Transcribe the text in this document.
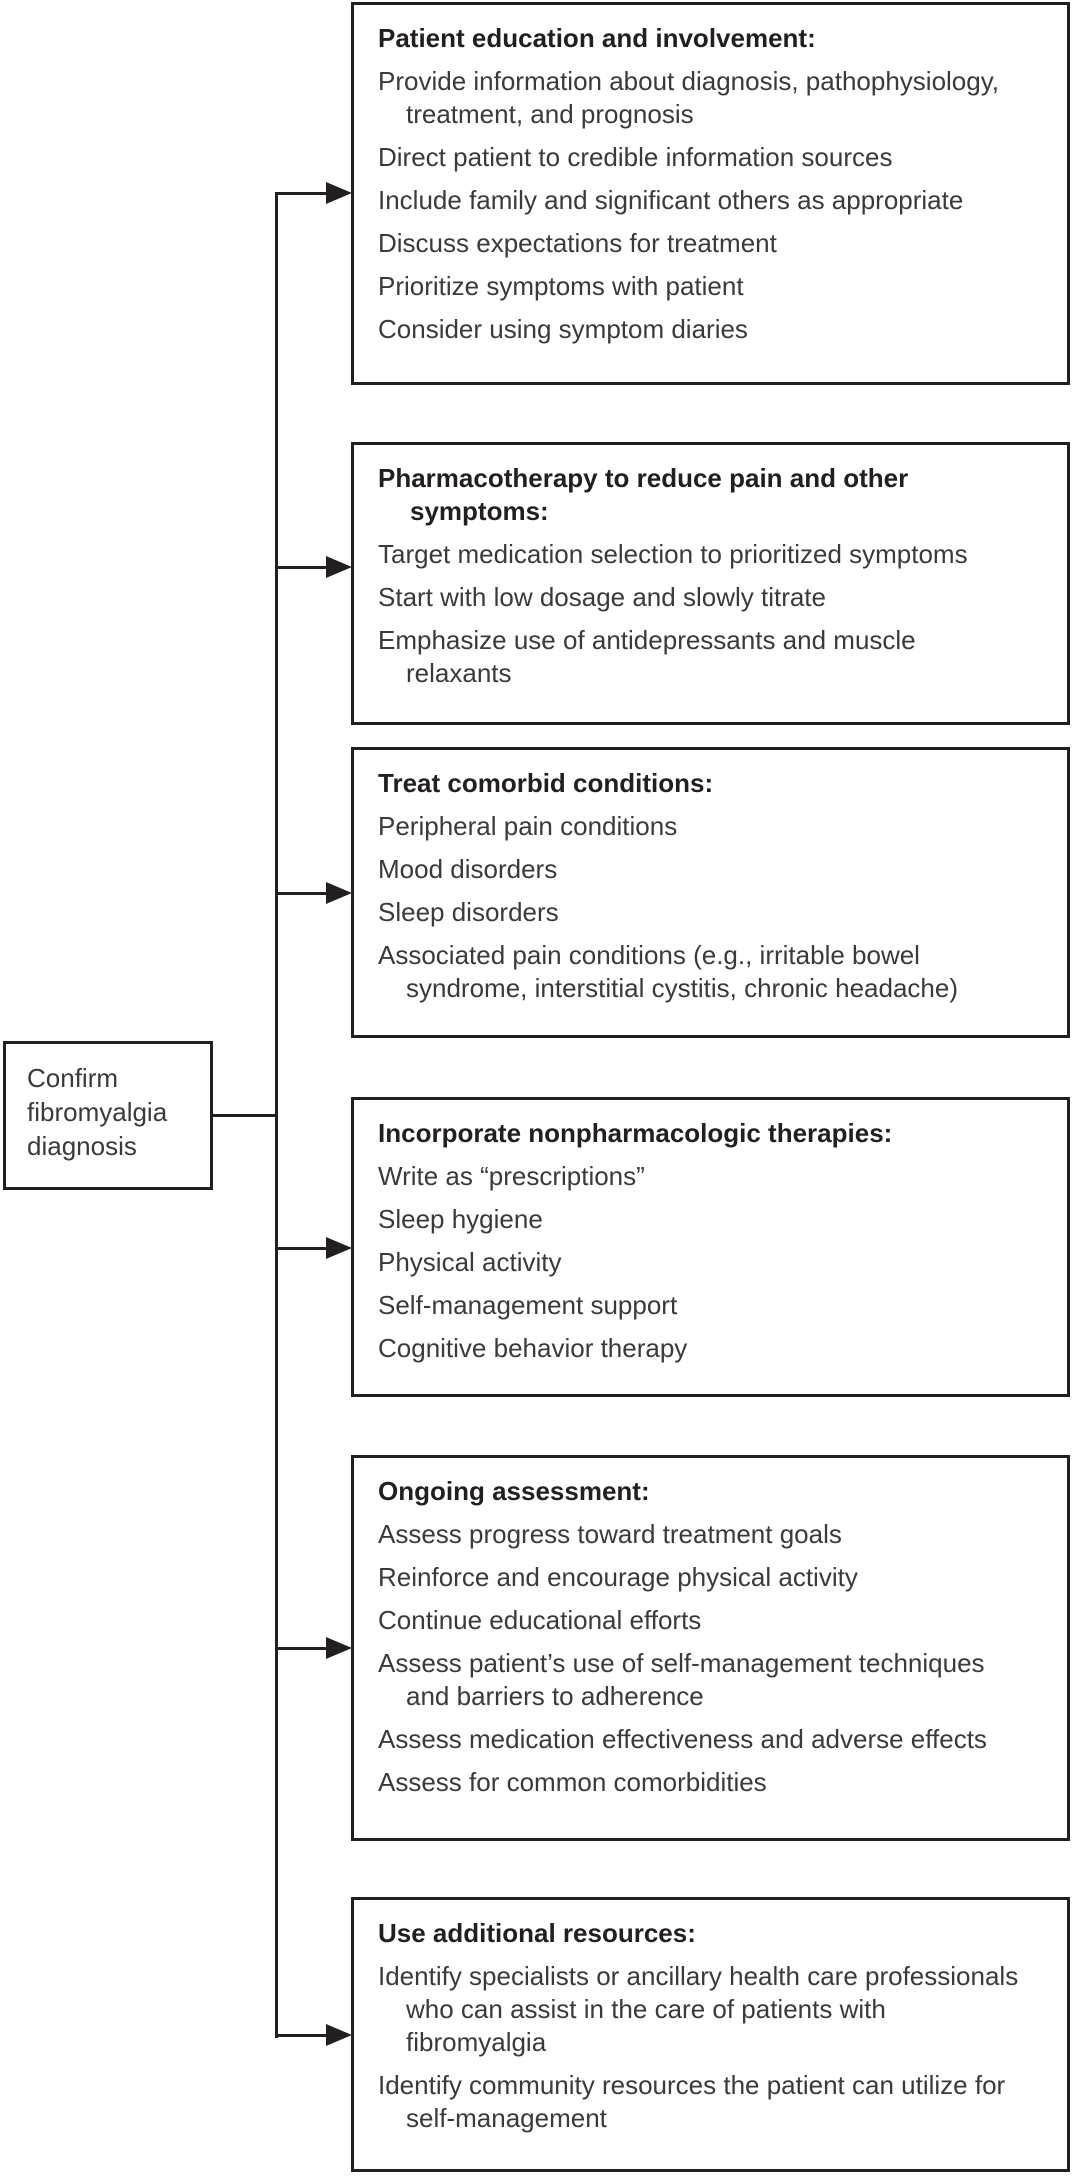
Confirm fibromyalgia diagnosis
Patient education and involvement:
Provide information about diagnosis, pathophysiology, treatment, and prognosis
Direct patient to credible information sources
Include family and significant others as appropriate
Discuss expectations for treatment
Prioritize symptoms with patient
Consider using symptom diaries
Pharmacotherapy to reduce pain and other symptoms:
Target medication selection to prioritized symptoms
Start with low dosage and slowly titrate
Emphasize use of antidepressants and muscle relaxants
Treat comorbid conditions:
Peripheral pain conditions
Mood disorders
Sleep disorders
Associated pain conditions (e.g., irritable bowel syndrome, interstitial cystitis, chronic headache)
Incorporate nonpharmacologic therapies:
Write as “prescriptions”
Sleep hygiene
Physical activity
Self-management support
Cognitive behavior therapy
Ongoing assessment:
Assess progress toward treatment goals
Reinforce and encourage physical activity
Continue educational efforts
Assess patient’s use of self-management techniques and barriers to adherence
Assess medication effectiveness and adverse effects
Assess for common comorbidities
Use additional resources:
Identify specialists or ancillary health care professionals who can assist in the care of patients with fibromyalgia
Identify community resources the patient can utilize for self-management
